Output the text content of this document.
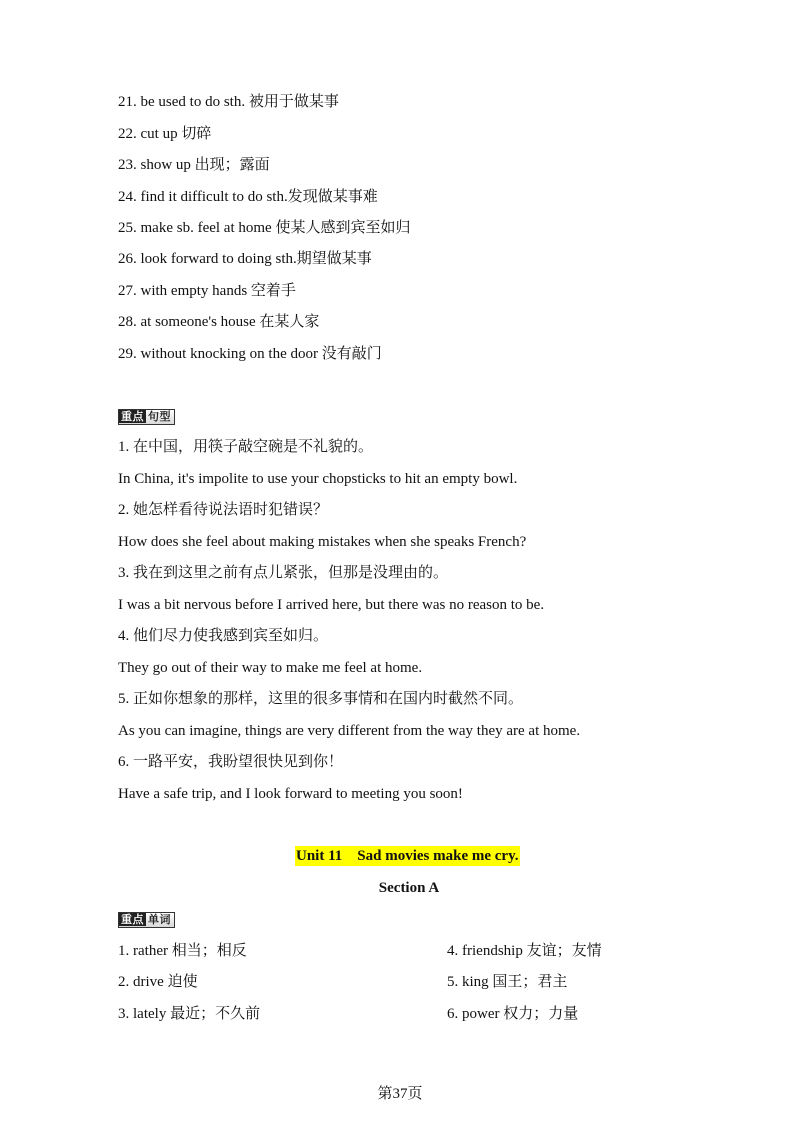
21. be used to do sth. 被用于做某事
22. cut up 切碎
23. show up 出现；露面
24. find it difficult to do sth.发现做某事难
25. make sb. feel at home 使某人感到宾至如归
26. look forward to doing sth.期望做某事
27. with empty hands 空着手
28. at someone's house 在某人家
29. without knocking on the door 没有敲门
重点 句型
1. 在中国，用筷子敲空碗是不礼貌的。
In China, it's impolite to use your chopsticks to hit an empty bowl.
2. 她怎样看待说法语时犯错误？
How does she feel about making mistakes when she speaks French?
3. 我在到这里之前有点儿紧张，但那是没理由的。
I was a bit nervous before I arrived here, but there was no reason to be.
4. 他们尽力使我感到宾至如归。
They go out of their way to make me feel at home.
5. 正如你想象的那样，这里的很多事情和在国内时截然不同。
As you can imagine, things are very different from the way they are at home.
6. 一路平安，我盼望很快见到你！
Have a safe trip, and I look forward to meeting you soon!
Unit 11    Sad movies make me cry.
Section A
重点 单词
1. rather 相当；相反
2. drive 迫使
3. lately 最近；不久前
4. friendship 友谊；友情
5. king 国王；君主
6. power 权力；力量
第37页
